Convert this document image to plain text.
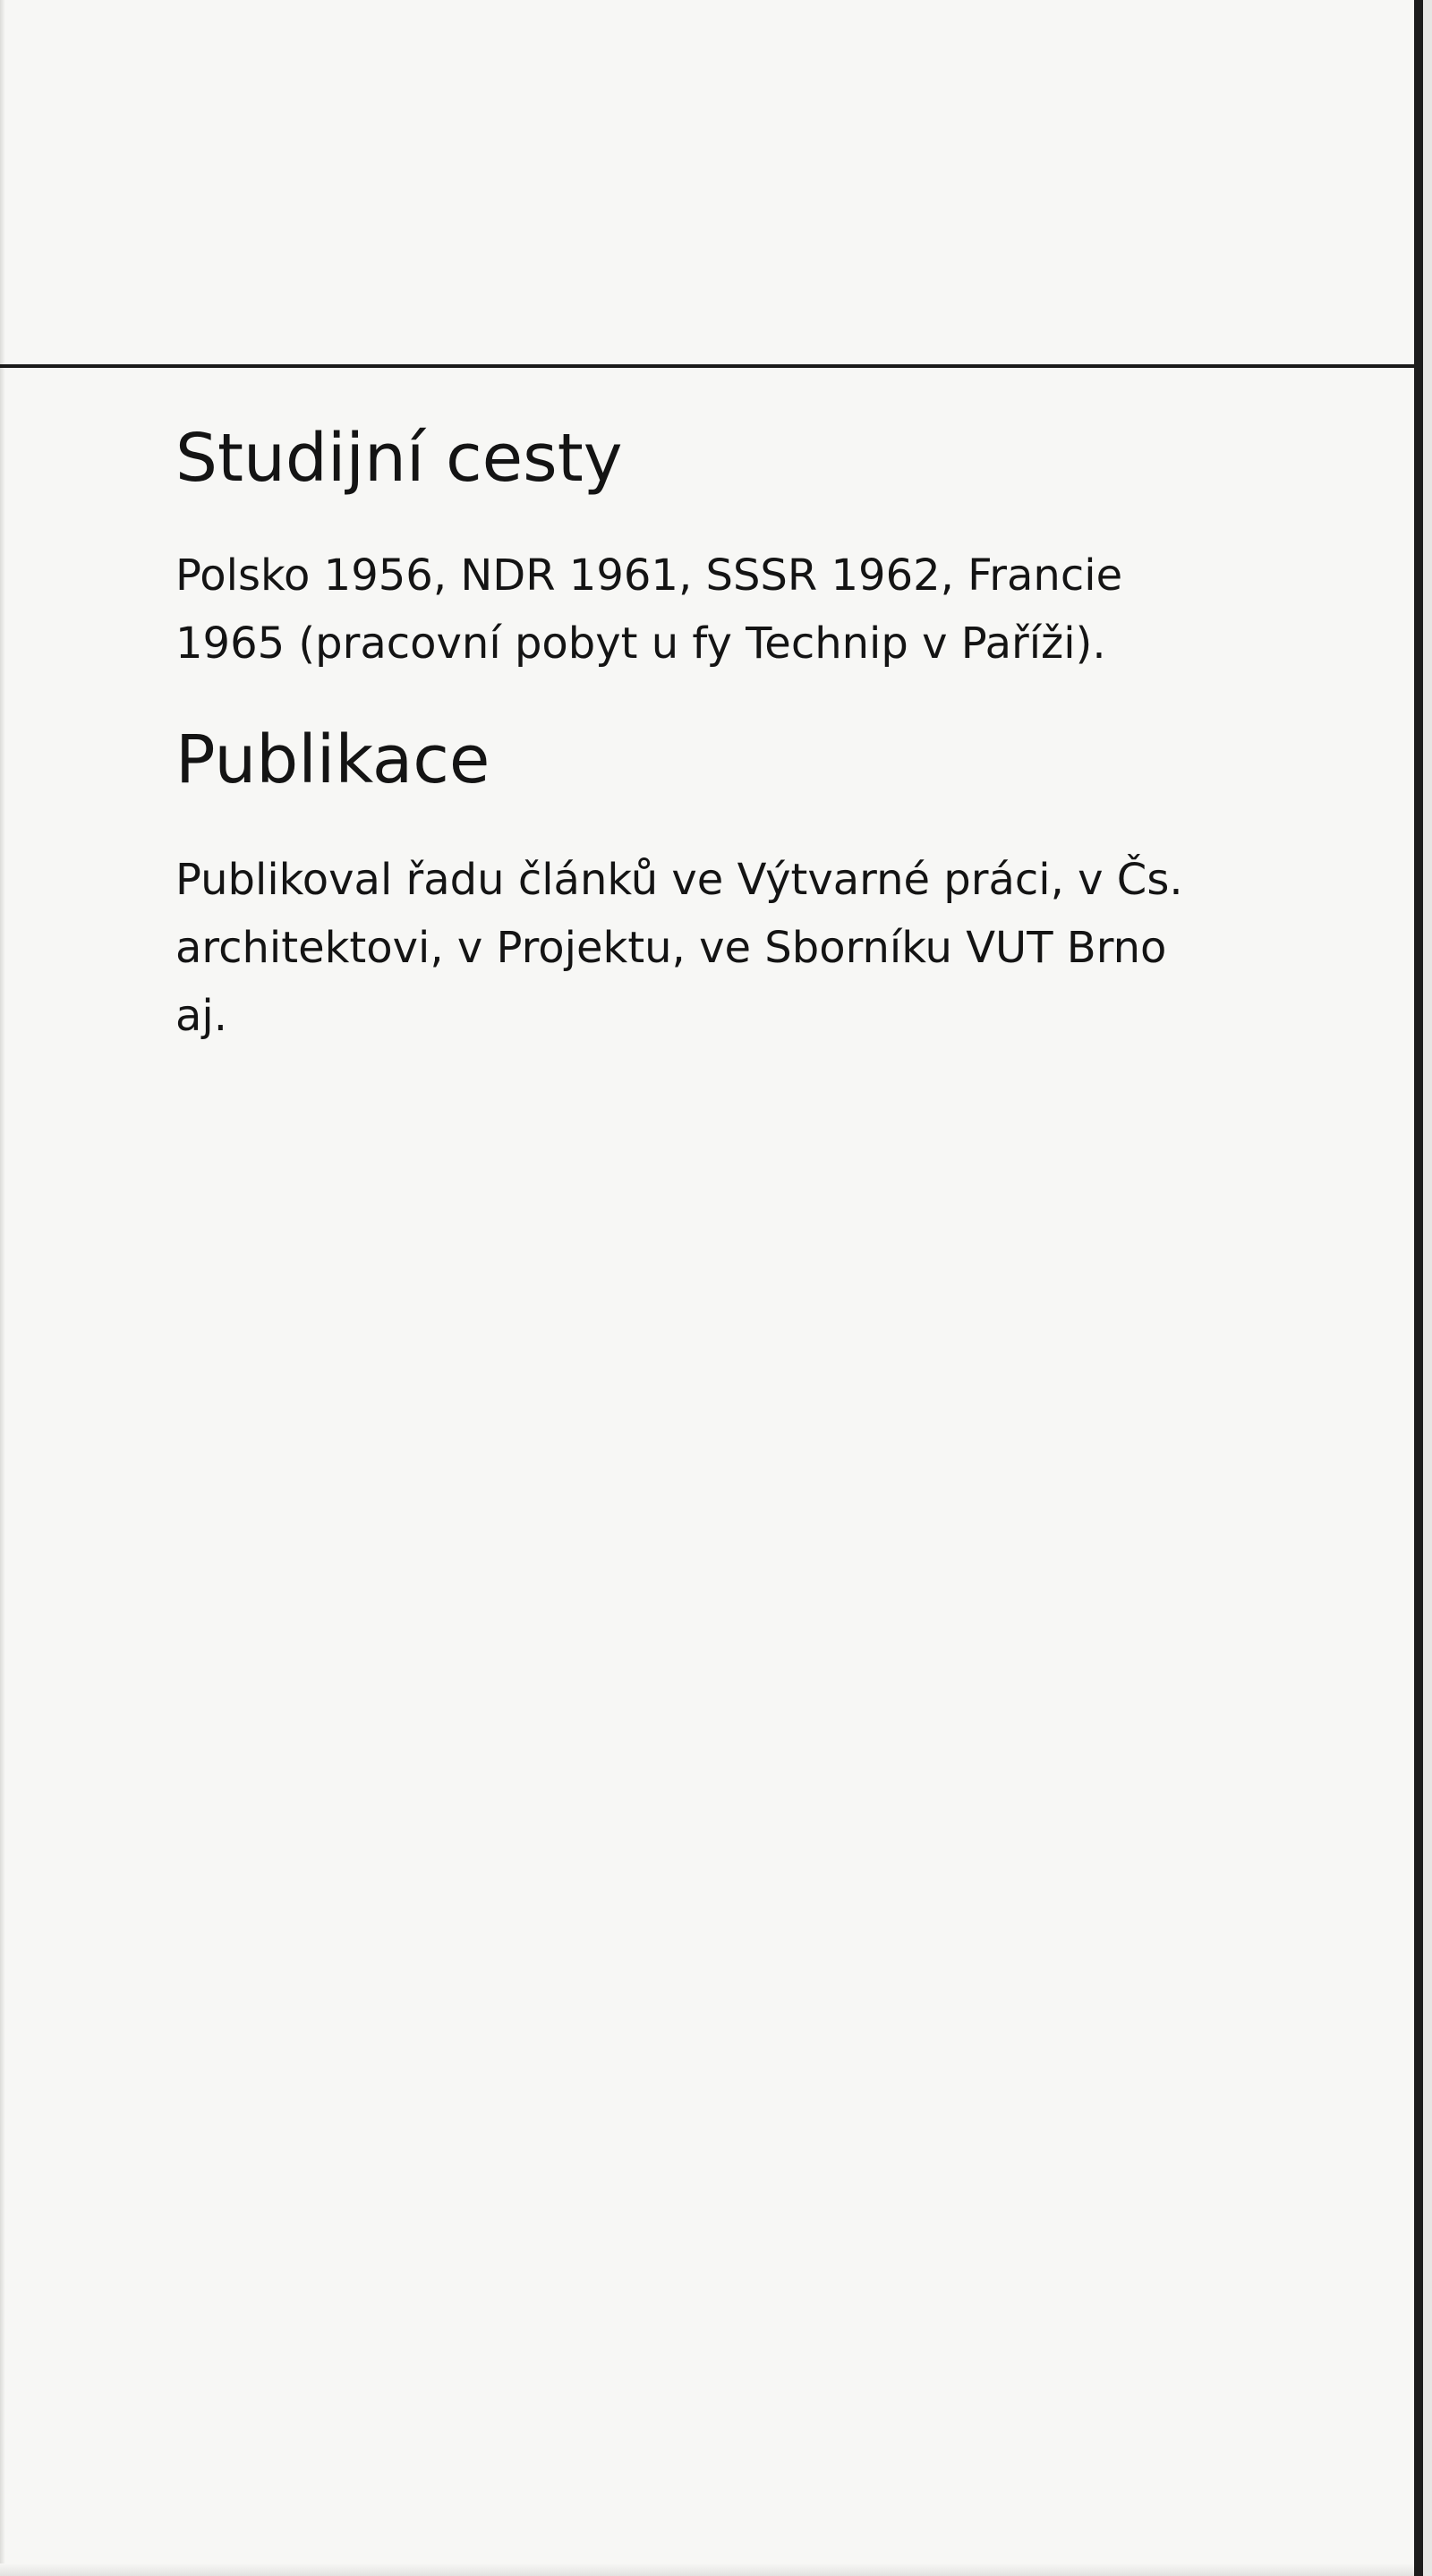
Studijní cesty

Polsko 1956, NDR 1961, SSSR 1962, Francie
1965 (pracovní pobyt u fy Technip v Paříži).

Publikace

Publikoval řadu článků ve Výtvarné práci, v Čs.
architektovi, v Projektu, ve Sborníku VUT Brno
aj.
